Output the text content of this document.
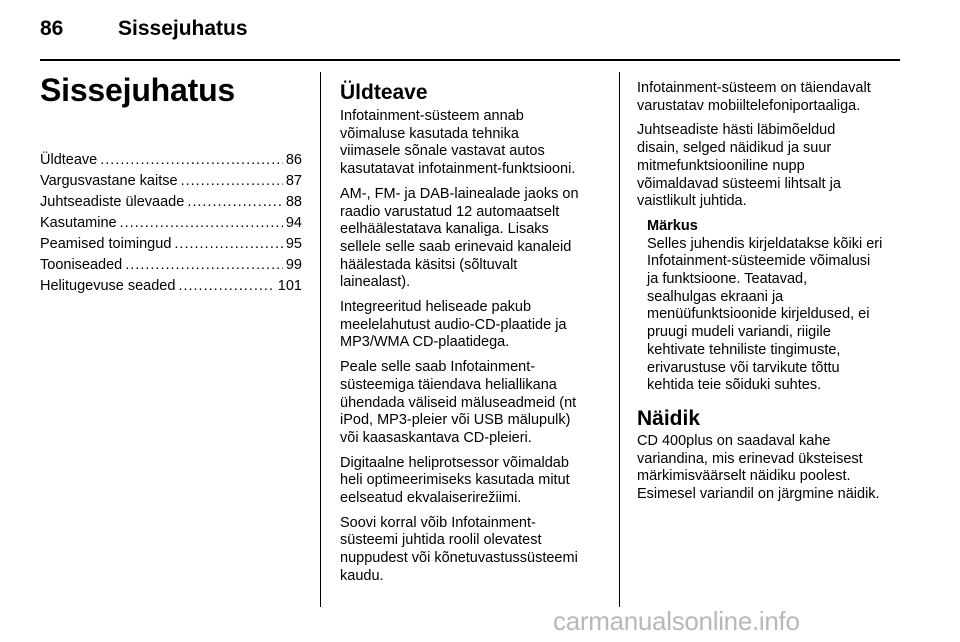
86	Sissejuhatus
Sissejuhatus
Üldteave .....	86
Vargusvastane kaitse .....	87
Juhtseadiste ülevaade .....	88
Kasutamine .....	94
Peamised toimingud .....	95
Tooniseaded .....	99
Helitugevuse seaded .....	101
Üldteave
Infotainment-süsteem annab
võimaluse kasutada tehnika
viimasele sõnale vastavat autos
kasutatavat infotainment-funktsiooni.
AM-, FM- ja DAB-lainealade jaoks on
raadio varustatud 12 automaatselt
eelhäälestatava kanaliga. Lisaks
sellele selle saab erinevaid kanaleid
häälestada käsitsi (sõltuvalt
lainealast).
Integreeritud heliseade pakub
meelelahutust audio-CD-plaatide ja
MP3/WMA CD-plaatidega.
Peale selle saab Infotainment-
süsteemiga täiendava heliallikana
ühendada väliseid mäluseadmeid (nt
iPod, MP3-pleier või USB mälupulk)
või kaasaskantava CD-pleieri.
Digitaalne heliprotsessor võimaldab
heli optimeerimiseks kasutada mitut
eelseatud ekvalaiserirežiimi.
Soovi korral võib Infotainment-
süsteemi juhtida roolil olevatest
nuppudest või kõnetuvastussüsteemi
kaudu.
Infotainment-süsteem on täiendavalt
varustatav mobiiltelefoniportaaliga.
Juhtseadiste hästi läbimõeldud
disain, selged näidikud ja suur
mitmefunktsiooniline nupp
võimaldavad süsteemi lihtsalt ja
vaistlikult juhtida.
Märkus
Selles juhendis kirjeldatakse kõiki eri
Infotainment-süsteemide võimalusi
ja funktsioone. Teatavad,
sealhulgas ekraani ja
menüüfunktsioonide kirjeldused, ei
pruugi mudeli variandi, riigile
kehtivate tehniliste tingimuste,
erivarustuse või tarvikute tõttu
kehtida teie sõiduki suhtes.
Näidik
CD 400plus on saadaval kahe
variandina, mis erinevad üksteisest
märkimisväärselt näidiku poolest.
Esimesel variandil on järgmine näidik.
carmanualsonline.info
